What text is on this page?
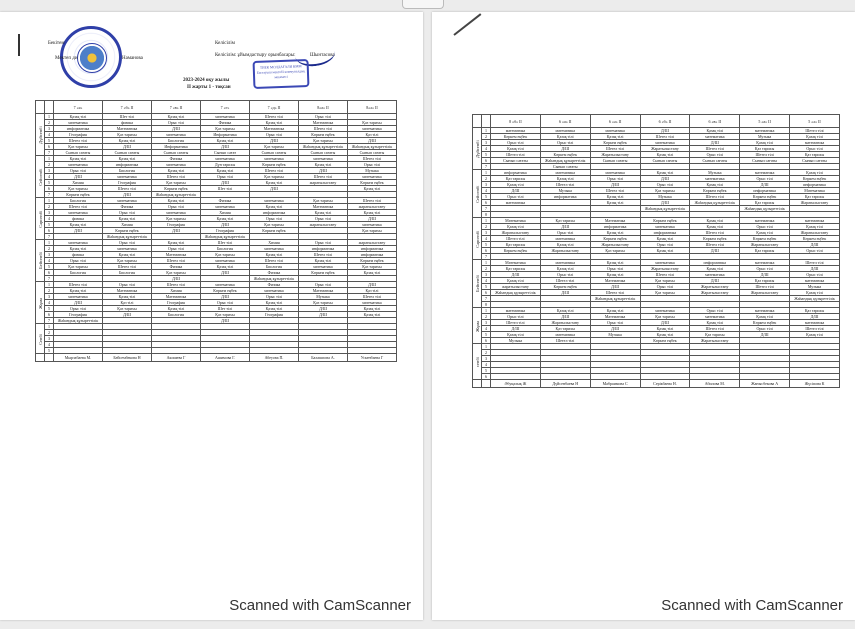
Бекітем
Мектеп ди	Наманова
Келісілім
Келісілім: ұйымдастыру орынбасары:	Шынтасова
ТИЕК МОЛДАҒАЛИ КММ Бастауыш мектебі коммуналдық мекемесі
2023-2024 оқу жылы
ІІ жарты 1 - тоқсан
		7 «ә»	7 «б» ІІ	7 «в» ІІ	7 «г»	7 «д» ІІ	8«а» ІІ	8«ә» ІІ
Дүйсенбі	1	Қазақ тілі	Шет тілі	Қазақ тілі	математика	Шетел тілі	Орыс тілі	
	2	математика	физика	Орыс тілі	Физика	Қазақ тілі	Математика	Қаз тарихы
	3	информатика	Математика	Д/Ш	Қаз тарихы	Математика	Шетел тілі	математика
	4	География	Қаз тарихы	математика	Информатика	Орыс тілі	Көркем еңбек	Қаз тілі
	5	Шетел тілі	Қазақ тілі	Биология	Қазақ тілі	Д/Ш	Қаз тарихы	Д/Ш
	6	Қаз тарихы	Д/Ш	Информатика	Д/Ш	Қаз тарихы	Жаһандық құзыреттілік	Жаһандық құзыреттілік
	7	Сынып сағаты	Сынып сағаты	Сынып сағаты	Сынып сағат	Сынып сағаты	Сынып сағаты	Сынып сағаты
Сейсенбі	1	Қазақ тілі	Қазақ тілі	Физика	математика	математика	математика	Шетел тілі
	2	математика	информатика	математика	Дүн тарихы	Көркем еңбек	Қазақ тілі	Орыс тілі
	3	Орыс тілі	Биология	Қазақ тілі	Қазақ тілі	Шетел тілі	Д/Ш	Музыка
	4	Д/Ш	математика	Шетел тілі	Орыс тілі	Қаз тарихы	Шетел тілі	математика
	5	Химия	География	Қаз тарихы	Д/Ш	Қазақ тілі	жаратылыстану	Көркем еңбек
	6	Қаз тарихы	Шетел тілі	Көркем еңбек	Шет тілі	Д/Ш		Қазақ тілі
	7	Көркем еңбек	Д/Ш	Жаһандық құзыреттілік				
Сәрсенбі	1	Биология	математика	Қазақ тілі	Физика	математика	Қаз тарихы	Шетел тілі
	2	Шетел тілі	Физика	Орыс тілі	математика	Қазақ тілі	Математика	жаратылыстану
	3	математика	Орыс тілі	математика	Химия	информатика	Қазақ тілі	Қазақ тілі
	4	физика	Қазақ тілі	Қаз тарихы	Қазақ тілі	Орыс тілі	Орыс тілі	Д/Ш
	5	Қазақ тілі	Химия	География	Д/Ш	Қаз тарихы	жаратылыстану	математика
	6	Д/Ш	Көркем еңбек	Д/Ш	География	Көркем еңбек		Қаз тарихы
	7		Жаһандық құзыреттілік		Жаһандық құзыреттілік			
Бейсенбі	1	математика	Орыс тілі	Қазақ тілі	Шет тілі	Химия	Орыс тілі	жаратылыстану
	2	Қазақ тілі	математика	Орыс тілі	Биология	математика	информатика	информатика
	3	физика	Қазақ тілі	Математика	Қаз тарихы	Қазақ тілі	Шетел тілі	информатика
	4	Орыс тілі	Қаз тарихы	Шетел тілі	математика	Шетел тілі	Қазақ тілі	Көркем еңбек
	5	Қаз тарихы	Шетел тілі	Физика	Қазақ тілі	Биология	математика	Қаз тарихы
	6	Биология	Биология	Қаз тарихы	Д/Ш	Физика	Көркем еңбек	Қазақ тілі
	7			Д/Ш		Жаһандық құзыреттілік		
Жұма	1	Шетел тілі	Орыс тілі	Шетел тілі	математика	Физика	Орыс тілі	Д/Ш
	2	Қазақ тілі	Математика	Химия	Көркем еңбек	математика	Математика	Қаз тілі
	3	математика	Қазақ тілі	Математика	Д/Ш	Орыс тілі	Музыка	Шетел тілі
	4	Д/Ш	Қаз тілі	География	Орыс тілі	Қазақ тілі	Қаз тарихы	математика
	5	Орыс тілі	Қаз тарихы	Қазақ тілі	Шет тілі	Қазақ тілі	Д/Ш	Қазақ тілі
	6	География	Д/Ш	Биология	Қаз тарихы	География	Д/Ш	Қазақ тілі
	7	Жаһандық құзыреттілік			Д/Ш			
Сенбі	1							
	2							
	3							
	4							
	5							
		Мырзабаева М.	Бейсембекова Н	Акишева Г	Ашимова Г.	Абеуова П.	Балашпова А.	Ускенбаева Г
Scanned with CamScanner
		8 «б» ІІ	6 «а» ІІ	6 «ә» ІІ	6 «б» ІІ	6 «в» ІІ	5 «а» ІІ	5 «ә» ІІ
Дүйсенбі	1	математика	математика	математика	Д/Ш	Қазақ тілі	математика	Шетел тілі
	2	Көркем еңбек	Қазақ тілі	Қазақ тілі	Шетел тілі	математика	Музыка	Қазақ тілі
	3	Орыс тілі	Орыс тілі	Көркем еңбек	математика	Д/Ш	Қазақ тілі	математика
	4	Қазақ тілі	Д/Ш	Шетел тілі	Жаратылыстану	Шетел тілі	Қаз тарихы	Орыс тілі
	5	Шетел тілі	Көркем еңбек	Жаратылыстану	Қазақ тілі	Орыс тілі	Шетел тілі	Қаз тарихы
	6	Сынып сағаты	Жаһандық құзыреттілік	Сынып сағаты	Сынып сағаты	Сынып сағаты	Сынып сағаты	Сынып сағаты
	7		Сынып сағаты					
Сейсенбі	1	информатика	математика	математика	Қазақ тілі	Музыка	математика	Қазақ тілі
	2	Қаз тарихы	Қазақ тілі	Орыс тілі	Д/Ш	математика	Орыс тілі	Көркем еңбек
	3	Қазақ тілі	Шетел тілі	Д/Ш	Орыс тілі	Қазақ тілі	Д/Ш	информатика
	4	Д/Ш	Музыка	Шетел тілі	Қаз тарихы	Көркем еңбек	информатика	Математика
	5	Орыс тілі	информатика	Қазақ тілі	Музыка	Шетел тілі	Көркем еңбек	Қаз тарихы
	6	математика		Қазақ тілі	Д/Ш	Жаһандық құзыреттілік	Қаз тарихы	Жаратылыстану
	7				Жаһандық құзыреттілік		Жаһандық құзыреттілік	
	8							
Сәрсенбі	1	Математика	Қаз тарихы	Математика	Көркем еңбек	Қазақ тілі	математика	математика
	2	Қазақ тілі	Д/Ш	информатика	математика	Қазақ тілі	Орыс тілі	Қазақ тілі
	3	Жаратылыстану	Орыс тілі	Қазақ тілі	информатика	Шетел тілі	Қазақ тілі	Жаратылыстану
	4	Шетел тілі	математика	Көркем еңбек	Қазақ тілі	Көркем еңбек	Көркем еңбек	Көркем еңбек
	5	Қаз тарихы	Қазақ тілі	Жаратылыстану	Орыс тілі	Шетел тілі	Жаратылыстану	Д/Ш
	6	Көркем еңбек	Жаратылыстану	Қаз тарихы	Қазақ тілі	Д/Ш	Қаз тарихы	Орыс тілі
	7							
Бейсенбі	1	Математика	математика	Қазақ тілі	математика	информатика	математика	Шетел тілі
	2	Қаз тарихы	Қазақ тілі	Орыс тілі	Жаратылыстану	Қазақ тілі	Орыс тілі	Д/Ш
	3	Д/Ш	Орыс тілі	Қазақ тілі	Шетел тілі	математика	Д/Ш	Орыс тілі
	4	Қазақ тілі	Шетел тілі	Математика	Қаз тарихы	Д/Ш	Қаз тарихы	математика
	5	жаратылыстану	Көркем еңбек	Д/Ш	Орыс тілі	Жаратылыстану	Шетел тілі	Музыка
	6	Жаһандық құзыреттілік	Д/Ш	Шетел тілі	Қаз тарихы	Жаратылыстану	Жаратылыстану	Қазақ тілі
	7			Жаһандық құзыреттілік				Жаһандық құзыреттілік
	8							
Жұма	1	математика	Қазақ тілі	Қазақ тілі	математика	Орыс тілі	математика	Қаз тарихы
	2	Орыс тілі	Д/Ш	Математика	Қаз тарихы	математика	Қазақ тілі	Д/Ш
	3	Шетел тілі	Жаратылыстану	Орыс тілі	Д/Ш	Қазақ тілі	Көркем еңбек	математика
	4	Д/Ш	Қаз тарихы	Д/Ш	Қазақ тілі	Шетел тілі	Орыс тілі	Шетел тілі
	5	Қазақ тілі	математика	Музыка	Қазақ тілі	Қаз тарихы	Д/Ш	Қазақ тілі
	6	Музыка	Шетел тілі		Көркем еңбек	Жаратылыстану		
сенбі	1							
	2							
	3							
	4							
	5							
	6							
		Әбуқалық Ж	Дүйсенбаева Н	Мабраимова С	Серікбаева Н.	Абилова М.	Жанысбекова А	Жүсіпова К
Scanned with CamScanner
